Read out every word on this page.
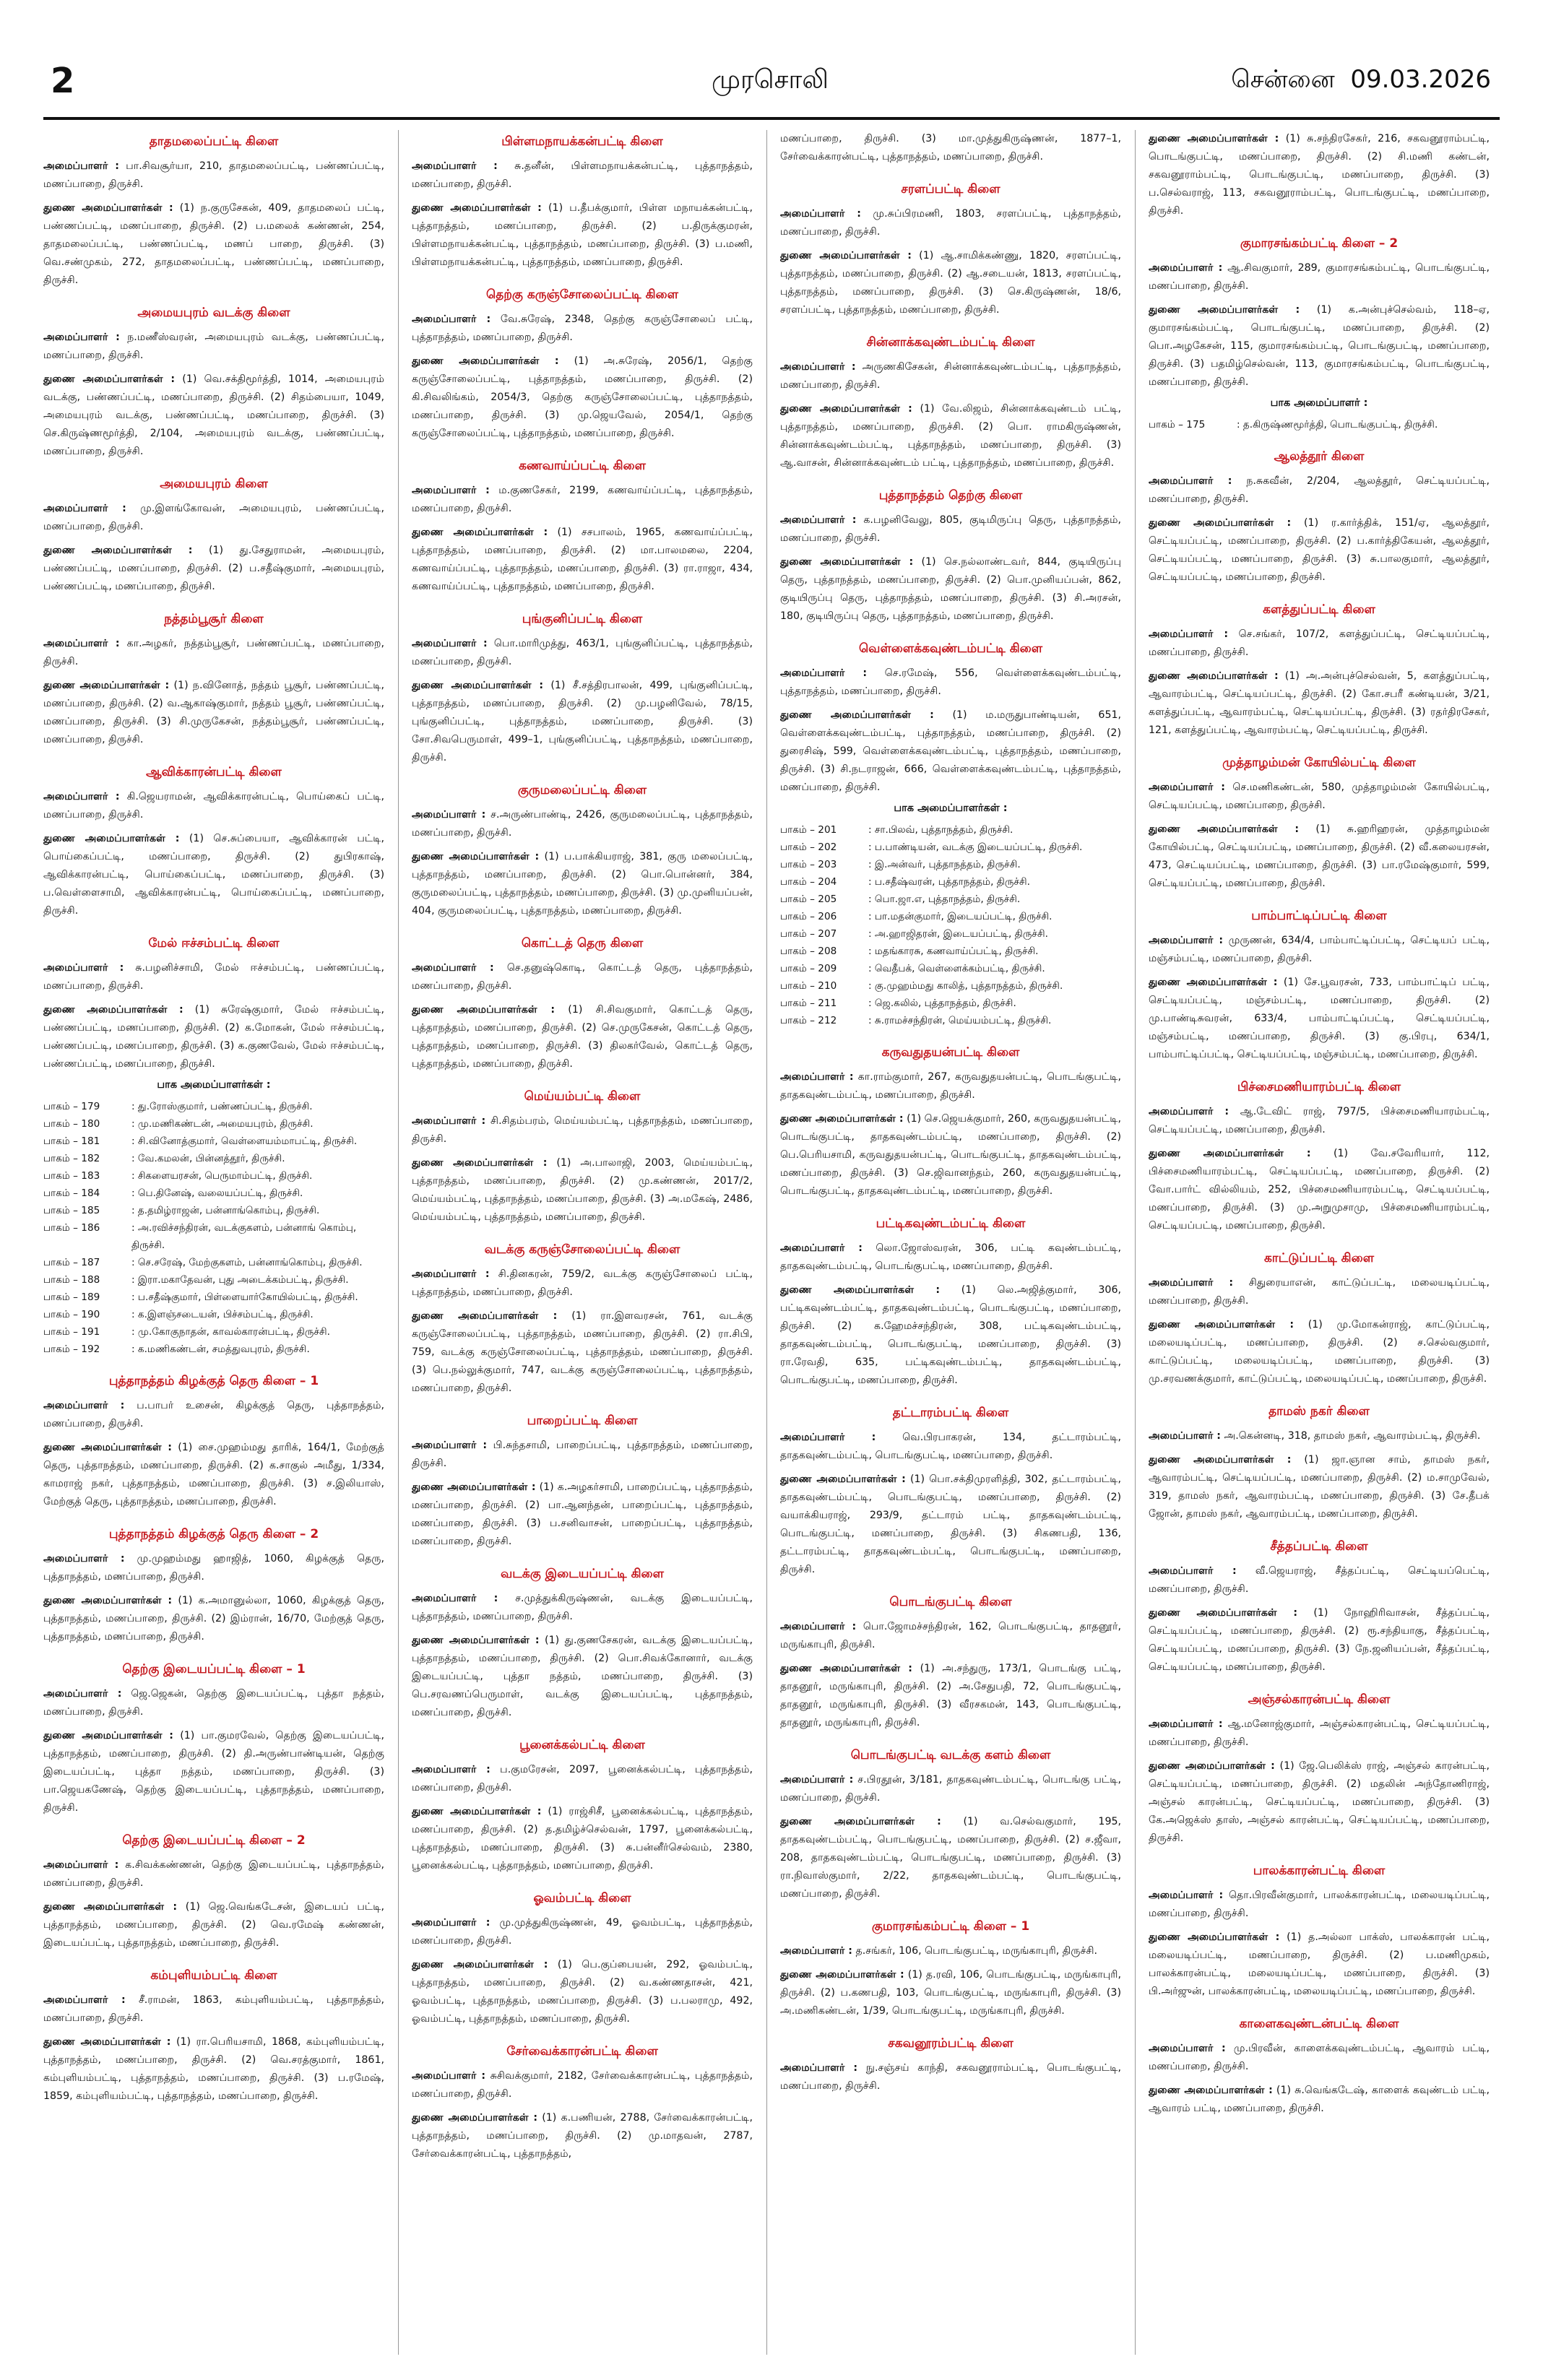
2	முரசொலி	சென்னை 09.03.2026
தாதமலைப்பட்டி கிளை

அமைப்பாளர் : பா.சிவசூர்யா, 210, தாதமலைப்பட்டி, பண்ணப்பட்டி, மணப்பாறை, திருச்சி.

துணை அமைப்பாளர்கள் : (1) ந.குருசேகன், 409, தாதமலைப் பட்டி, பண்ணப்பட்டி, மணப்பாறை, திருச்சி. (2) ப.மலைக் கண்ணன், 254, தாதமலைப்பட்டி, பண்ணப்பட்டி, மணப் பாறை, திருச்சி. (3) வெ.சண்முகம், 272, தாதமலைப்பட்டி, பண்ணப்பட்டி, மணப்பாறை, திருச்சி.

அமையபுரம் வடக்கு கிளை

அமைப்பாளர் : ந.மணீஸ்வரன், அமையபுரம் வடக்கு, பண்ணப்பட்டி, மணப்பாறை, திருச்சி.

துணை அமைப்பாளர்கள் : (1) வெ.சக்திமூர்த்தி, 1014, அமையபுரம் வடக்கு, பண்ணப்பட்டி, மணப்பாறை, திருச்சி. (2) சிதம்பையா, 1049, அமையபுரம் வடக்கு, பண்ணப்பட்டி, மணப்பாறை, திருச்சி. (3) செ.கிருஷ்ணமூர்த்தி, 2/104, அமையபுரம் வடக்கு, பண்ணப்பட்டி, மணப்பாறை, திருச்சி.

அமையபுரம் கிளை

அமைப்பாளர் : மு.இளங்கோவன், அமையபுரம், பண்ணப்பட்டி, மணப்பாறை, திருச்சி.

துணை அமைப்பாளர்கள் : (1) து.சேதுராமன், அமையபுரம், பண்ணப்பட்டி, மணப்பாறை, திருச்சி. (2) ப.சதீஷ்குமார், அமையபுரம், பண்ணப்பட்டி, மணப்பாறை, திருச்சி.

நத்தம்பூசூர் கிளை

அமைப்பாளர் : கா.அழகர், நத்தம்பூசூர், பண்ணப்பட்டி, மணப்பாறை, திருச்சி.

துணை அமைப்பாளர்கள் : (1) ந.வினோத், நத்தம் பூசூர், பண்ணப்பட்டி, மணப்பாறை, திருச்சி. (2) வ.ஆகாஷ்குமார், நத்தம் பூசூர், பண்ணப்பட்டி, மணப்பாறை, திருச்சி. (3) சி.முருகேசன், நத்தம்பூசூர், பண்ணப்பட்டி, மணப்பாறை, திருச்சி.

ஆவிக்காரன்பட்டி கிளை

அமைப்பாளர் : கி.ஜெயராமன், ஆவிக்காரன்பட்டி, பொய்கைப் பட்டி, மணப்பாறை, திருச்சி.

துணை அமைப்பாளர்கள் : (1) செ.சுப்பையா, ஆவிக்காரன் பட்டி, பொய்கைப்பட்டி, மணப்பாறை, திருச்சி. (2) துபிரகாஷ், ஆவிக்காரன்பட்டி, பொய்கைப்பட்டி, மணப்பாறை, திருச்சி. (3) ப.வெள்ளைசாமி, ஆவிக்காரன்பட்டி, பொய்கைப்பட்டி, மணப்பாறை, திருச்சி.

மேல் ஈச்சம்பட்டி கிளை

அமைப்பாளர் : சு.பழனிச்சாமி, மேல் ஈச்சம்பட்டி, பண்ணப்பட்டி, மணப்பாறை, திருச்சி.

துணை அமைப்பாளர்கள் : (1) சுரேஷ்குமார், மேல் ஈச்சம்பட்டி, பண்ணப்பட்டி, மணப்பாறை, திருச்சி. (2) க.மோகன், மேல் ஈச்சம்பட்டி, பண்ணப்பட்டி, மணப்பாறை, திருச்சி. (3) க.குணவேல், மேல் ஈச்சம்பட்டி, பண்ணப்பட்டி, மணப்பாறை, திருச்சி.

பாக அமைப்பாளர்கள் :
பாகம் – 179	: து.ரோஸ்குமார், பண்ணப்பட்டி, திருச்சி.
பாகம் – 180	: மு.மணிகண்டன், அமையபுரம், திருச்சி.
பாகம் – 181	: சி.வினோத்குமார், வெள்ளையம்மாபட்டி, திருச்சி.
பாகம் – 182	: வே.கமலன், பின்னத்தூர், திருச்சி.
பாகம் – 183	: சிகளையரசன், பெருமாம்பட்டி, திருச்சி.
பாகம் – 184	: பெ.தினேஷ், வலையப்பட்டி, திருச்சி.
பாகம் – 185	: த.தமிழ்ராஜன், பன்னாங்கொம்பு, திருச்சி.
பாகம் – 186	: அ.ரவிச்சந்திரன், வடக்குகளம், பன்னாங் கொம்பு, திருச்சி.
பாகம் – 187	: செ.சரேஷ், மேற்குகளம், பன்னாங்கொம்பு, திருச்சி.
பாகம் – 188	: இரா.மகாதேவன், புது அடைக்கம்பட்டி, திருச்சி.
பாகம் – 189	: ப.சதீஷ்குமார், பிள்ளையார்கோயில்பட்டி, திருச்சி.
பாகம் – 190	: க.இளஞ்சடையன், பிச்சம்பட்டி, திருச்சி.
பாகம் – 191	: மு.கோகுநாதன், காவல்காரன்பட்டி, திருச்சி.
பாகம் – 192	: க.மணிகண்டன், சமத்துவபுரம், திருச்சி.
புத்தாநத்தம் கிழக்குத் தெரு கிளை – 1

அமைப்பாளர் : ப.பாபர் உசைன், கிழக்குத் தெரு, புத்தாநத்தம், மணப்பாறை, திருச்சி.

துணை அமைப்பாளர்கள் : (1) சை.முஹம்மது தாரிக், 164/1, மேற்குத் தெரு, புத்தாநத்தம், மணப்பாறை, திருச்சி. (2) க.சாகுல் அமீது, 1/334, காமராஜ் நகர், புத்தாநத்தம், மணப்பாறை, திருச்சி. (3) ச.இலியாஸ், மேற்குத் தெரு, புத்தாநத்தம், மணப்பாறை, திருச்சி.

புத்தாநத்தம் கிழக்குத் தெரு கிளை – 2

அமைப்பாளர் : மு.முஹம்மது ஹாஜித், 1060, கிழக்குத் தெரு, புத்தாநத்தம், மணப்பாறை, திருச்சி.

துணை அமைப்பாளர்கள் : (1) க.அமானுல்லா, 1060, கிழக்குத் தெரு, புத்தாநத்தம், மணப்பாறை, திருச்சி. (2) இம்ரான், 16/70, மேற்குத் தெரு, புத்தாநத்தம், மணப்பாறை, திருச்சி.

தெற்கு இடையப்பட்டி கிளை – 1

அமைப்பாளர் : ஜெ.ஜெகன், தெற்கு இடையப்பட்டி, புத்தா நத்தம், மணப்பாறை, திருச்சி.

துணை அமைப்பாளர்கள் : (1) பா.குமரவேல், தெற்கு இடையப்பட்டி, புத்தாநத்தம், மணப்பாறை, திருச்சி. (2) தி.அருண்பாண்டியன், தெற்கு இடையப்பட்டி, புத்தா நத்தம், மணப்பாறை, திருச்சி. (3) பா.ஜெயகணேஷ், தெற்கு இடையப்பட்டி, புத்தாநத்தம், மணப்பாறை, திருச்சி.

தெற்கு இடையப்பட்டி கிளை – 2

அமைப்பாளர் : க.சிவக்கண்ணன், தெற்கு இடையப்பட்டி, புத்தாநத்தம், மணப்பாறை, திருச்சி.

துணை அமைப்பாளர்கள் : (1) ஜெ.வெங்கடேசன், இடையப் பட்டி, புத்தாநத்தம், மணப்பாறை, திருச்சி. (2) வெ.ரமேஷ் கண்ணன், இடையப்பட்டி, புத்தாநத்தம், மணப்பாறை, திருச்சி.

கம்புளியம்பட்டி கிளை

அமைப்பாளர் : சீ.ராமன், 1863, கம்புளியம்பட்டி, புத்தாநத்தம், மணப்பாறை, திருச்சி.

துணை அமைப்பாளர்கள் : (1) ரா.பெரியசாமி, 1868, கம்புளியம்பட்டி, புத்தாநத்தம், மணப்பாறை, திருச்சி. (2) வெ.சரத்குமார், 1861, கம்புளியம்பட்டி, புத்தாநத்தம், மணப்பாறை, திருச்சி. (3) ப.ரமேஷ், 1859, கம்புளியம்பட்டி, புத்தாநத்தம், மணப்பாறை, திருச்சி.

பிள்ளமநாயக்கன்பட்டி கிளை

அமைப்பாளர் : சு.தனீன், பிள்ளமநாயக்கன்பட்டி, புத்தாநத்தம், மணப்பாறை, திருச்சி.

துணை அமைப்பாளர்கள் : (1) ப.தீபக்குமார், பிள்ள மநாயக்கன்பட்டி, புத்தாநத்தம், மணப்பாறை, திருச்சி. (2) ப.திருக்குமரன், பிள்ளமநாயக்கன்பட்டி, புத்தாநத்தம், மணப்பாறை, திருச்சி. (3) ப.மணி, பிள்ளமநாயக்கன்பட்டி, புத்தாநத்தம், மணப்பாறை, திருச்சி.

தெற்கு கருஞ்சோலைப்பட்டி கிளை

அமைப்பாளர் : வே.சுரேஷ், 2348, தெற்கு கருஞ்சோலைப் பட்டி, புத்தாநத்தம், மணப்பாறை, திருச்சி.

துணை அமைப்பாளர்கள் : (1) அ.சுரேஷ், 2056/1, தெற்கு கருஞ்சோலைப்பட்டி, புத்தாநத்தம், மணப்பாறை, திருச்சி. (2) கி.சிவலிங்கம், 2054/3, தெற்கு கருஞ்சோலைப்பட்டி, புத்தாநத்தம், மணப்பாறை, திருச்சி. (3) மு.ஜெயவேல், 2054/1, தெற்கு கருஞ்சோலைப்பட்டி, புத்தாநத்தம், மணப்பாறை, திருச்சி.

கணவாய்ப்பட்டி கிளை

அமைப்பாளர் : ம.குணசேகர், 2199, கணவாய்ப்பட்டி, புத்தாநத்தம், மணப்பாறை, திருச்சி.

துணை அமைப்பாளர்கள் : (1) சசபாலம், 1965, கணவாய்ப்பட்டி, புத்தாநத்தம், மணப்பாறை, திருச்சி. (2) மா.பாலமலை, 2204, கணவாய்ப்பட்டி, புத்தாநத்தம், மணப்பாறை, திருச்சி. (3) ரா.ராஜா, 434, கணவாய்ப்பட்டி, புத்தாநத்தம், மணப்பாறை, திருச்சி.

புங்குனிப்பட்டி கிளை

அமைப்பாளர் : பொ.மாரிமுத்து, 463/1, புங்குனிப்பட்டி, புத்தாநத்தம், மணப்பாறை, திருச்சி.

துணை அமைப்பாளர்கள் : (1) சீ.சத்திரபாலன், 499, புங்குனிப்பட்டி, புத்தாநத்தம், மணப்பாறை, திருச்சி. (2) மு.பழனிவேல், 78/15, புங்குனிப்பட்டி, புத்தாநத்தம், மணப்பாறை, திருச்சி. (3) சோ.சிவபெருமாள், 499–1, புங்குனிப்பட்டி, புத்தாநத்தம், மணப்பாறை, திருச்சி.

குருமலைப்பட்டி கிளை

அமைப்பாளர் : ச.அருண்பாண்டி, 2426, குருமலைப்பட்டி, புத்தாநத்தம், மணப்பாறை, திருச்சி.

துணை அமைப்பாளர்கள் : (1) ப.பாக்கியராஜ், 381, குரு மலைப்பட்டி, புத்தாநத்தம், மணப்பாறை, திருச்சி. (2) பொ.பொன்னர், 384, குருமலைப்பட்டி, புத்தாநத்தம், மணப்பாறை, திருச்சி. (3) மு.முனியப்பன், 404, குருமலைப்பட்டி, புத்தாநத்தம், மணப்பாறை, திருச்சி.

கொட்டத் தெரு கிளை

அமைப்பாளர் : செ.தனுஷ்கொடி, கொட்டத் தெரு, புத்தாநத்தம், மணப்பாறை, திருச்சி.

துணை அமைப்பாளர்கள் : (1) சி.சிவகுமார், கொட்டத் தெரு, புத்தாநத்தம், மணப்பாறை, திருச்சி. (2) செ.முருகேசன், கொட்டத் தெரு, புத்தாநத்தம், மணப்பாறை, திருச்சி. (3) திலகர்வேல், கொட்டத் தெரு, புத்தாநத்தம், மணப்பாறை, திருச்சி.

மெய்யம்பட்டி கிளை

அமைப்பாளர் : சி.சிதம்பரம், மெய்யம்பட்டி, புத்தாநத்தம், மணப்பாறை, திருச்சி.

துணை அமைப்பாளர்கள் : (1) அ.பாலாஜி, 2003, மெய்யம்பட்டி, புத்தாநத்தம், மணப்பாறை, திருச்சி. (2) மு.கண்ணன், 2017/2, மெய்யம்பட்டி, புத்தாநத்தம், மணப்பாறை, திருச்சி. (3) அ.மகேஷ், 2486, மெய்யம்பட்டி, புத்தாநத்தம், மணப்பாறை, திருச்சி.

வடக்கு கருஞ்சோலைப்பட்டி கிளை

அமைப்பாளர் : சி.தினகரன், 759/2, வடக்கு கருஞ்சோலைப் பட்டி, புத்தாநத்தம், மணப்பாறை, திருச்சி.

துணை அமைப்பாளர்கள் : (1) ரா.இளவரசன், 761, வடக்கு கருஞ்சோலைப்பட்டி, புத்தாநத்தம், மணப்பாறை, திருச்சி. (2) ரா.சிபி, 759, வடக்கு கருஞ்சோலைப்பட்டி, புத்தாநத்தம், மணப்பாறை, திருச்சி. (3) பெ.நல்லுக்குமார், 747, வடக்கு கருஞ்சோலைப்பட்டி, புத்தாநத்தம், மணப்பாறை, திருச்சி.

பாறைப்பட்டி கிளை

அமைப்பாளர் : பி.சுந்தசாமி, பாறைப்பட்டி, புத்தாநத்தம், மணப்பாறை, திருச்சி.

துணை அமைப்பாளர்கள் : (1) க.அழகர்சாமி, பாறைப்பட்டி, புத்தாநத்தம், மணப்பாறை, திருச்சி. (2) பா.ஆனந்தன், பாறைப்பட்டி, புத்தாநத்தம், மணப்பாறை, திருச்சி. (3) ப.சனிவாசன், பாறைப்பட்டி, புத்தாநத்தம், மணப்பாறை, திருச்சி.

வடக்கு இடையப்பட்டி கிளை

அமைப்பாளர் : ச.முத்துக்கிருஷ்ணன், வடக்கு இடையப்பட்டி, புத்தாநத்தம், மணப்பாறை, திருச்சி.

துணை அமைப்பாளர்கள் : (1) து.குணசேகரன், வடக்கு இடையப்பட்டி, புத்தாநத்தம், மணப்பாறை, திருச்சி. (2) பொ.சிவக்கோனார், வடக்கு இடையப்பட்டி, புத்தா நத்தம், மணப்பாறை, திருச்சி. (3) பெ.சரவணப்பெருமாள், வடக்கு இடையப்பட்டி, புத்தாநத்தம், மணப்பாறை, திருச்சி.

பூனைக்கல்பட்டி கிளை

அமைப்பாளர் : ப.குமரேசன், 2097, பூனைக்கல்பட்டி, புத்தாநத்தம், மணப்பாறை, திருச்சி.

துணை அமைப்பாளர்கள் : (1) ராஜ்சிசீ, பூனைக்கல்பட்டி, புத்தாநத்தம், மணப்பாறை, திருச்சி. (2) த.தமிழ்ச்செல்வன், 1797, பூனைக்கல்பட்டி, புத்தாநத்தம், மணப்பாறை, திருச்சி. (3) சு.பன்னீர்செல்வம், 2380, பூனைக்கல்பட்டி, புத்தாநத்தம், மணப்பாறை, திருச்சி.

ஓவம்பட்டி கிளை

அமைப்பாளர் : மு.முத்துகிருஷ்ணன், 49, ஓவம்பட்டி, புத்தாநத்தம், மணப்பாறை, திருச்சி.

துணை அமைப்பாளர்கள் : (1) பெ.குப்பையன், 292, ஓவம்பட்டி, புத்தாநத்தம், மணப்பாறை, திருச்சி. (2) வ.கண்ணதாசன், 421, ஓவம்பட்டி, புத்தாநத்தம், மணப்பாறை, திருச்சி. (3) ப.பலராமு, 492, ஓவம்பட்டி, புத்தாநத்தம், மணப்பாறை, திருச்சி.

சேர்வைக்காரன்பட்டி கிளை

அமைப்பாளர் : சுசிவக்குமார், 2182, சேர்வைக்காரன்பட்டி, புத்தாநத்தம், மணப்பாறை, திருச்சி.

துணை அமைப்பாளர்கள் : (1) க.பணியன், 2788, சேர்வைக்காரன்பட்டி, புத்தாநத்தம், மணப்பாறை, திருச்சி. (2) மு.மாதவன், 2787, சேர்வைக்காரன்பட்டி, புத்தாநத்தம்,

மணப்பாறை, திருச்சி. (3) மா.முத்துகிருஷ்ணன், 1877–1, சேர்வைக்காரன்பட்டி, புத்தாநத்தம், மணப்பாறை, திருச்சி.

சரளப்பட்டி கிளை

அமைப்பாளர் : மு.சுப்பிரமணி, 1803, சரளப்பட்டி, புத்தாநத்தம், மணப்பாறை, திருச்சி.

துணை அமைப்பாளர்கள் : (1) ஆ.சாமிக்கண்ணு, 1820, சரளப்பட்டி, புத்தாநத்தம், மணப்பாறை, திருச்சி. (2) ஆ.சடையன், 1813, சரளப்பட்டி, புத்தாநத்தம், மணப்பாறை, திருச்சி. (3) செ.கிருஷ்ணன், 18/6, சரளப்பட்டி, புத்தாநத்தம், மணப்பாறை, திருச்சி.

சின்னாக்கவுண்டம்பட்டி கிளை

அமைப்பாளர் : அருணகிசேகன், சின்னாக்கவுண்டம்பட்டி, புத்தாநத்தம், மணப்பாறை, திருச்சி.

துணை அமைப்பாளர்கள் : (1) வே.லிஜம், சின்னாக்கவுண்டம் பட்டி, புத்தாநத்தம், மணப்பாறை, திருச்சி. (2) பொ. ராமகிருஷ்ணன், சின்னாக்கவுண்டம்பட்டி, புத்தாநத்தம், மணப்பாறை, திருச்சி. (3) ஆ.வாசன், சின்னாக்கவுண்டம் பட்டி, புத்தாநத்தம், மணப்பாறை, திருச்சி.

புத்தாநத்தம் தெற்கு கிளை

அமைப்பாளர் : க.பழனிவேலு, 805, குடிமிருப்பு தெரு, புத்தாநத்தம், மணப்பாறை, திருச்சி.

துணை அமைப்பாளர்கள் : (1) செ.நல்லாண்டவர், 844, குடியிருப்பு தெரு, புத்தாநத்தம், மணப்பாறை, திருச்சி. (2) பொ.முனியப்பன், 862, குடியிருப்பு தெரு, புத்தாநத்தம், மணப்பாறை, திருச்சி. (3) சி.அரசன், 180, குடியிருப்பு தெரு, புத்தாநத்தம், மணப்பாறை, திருச்சி.

வெள்ளைக்கவுண்டம்பட்டி கிளை

அமைப்பாளர் : செ.ரமேஷ், 556, வெள்ளைக்கவுண்டம்பட்டி, புத்தாநத்தம், மணப்பாறை, திருச்சி.

துணை அமைப்பாளர்கள் : (1) ம.மருதுபாண்டியன், 651, வெள்ளைக்கவுண்டம்பட்டி, புத்தாநத்தம், மணப்பாறை, திருச்சி. (2) துரைசிஷ், 599, வெள்ளைக்கவுண்டம்பட்டி, புத்தாநத்தம், மணப்பாறை, திருச்சி. (3) சி.நடராஜன், 666, வெள்ளைக்கவுண்டம்பட்டி, புத்தாநத்தம், மணப்பாறை, திருச்சி.

பாக அமைப்பாளர்கள் :
பாகம் – 201	: சா.பிலவ், புத்தாநத்தம், திருச்சி.
பாகம் – 202	: ப.பாண்டியன், வடக்கு இடையப்பட்டி, திருச்சி.
பாகம் – 203	: இ.அன்வர், புத்தாநத்தம், திருச்சி.
பாகம் – 204	: ப.சதீஷ்வரன், புத்தாநத்தம், திருச்சி.
பாகம் – 205	: பொ.ஜா.எ, புத்தாநத்தம், திருச்சி.
பாகம் – 206	: பா.மதன்குமார், இடையப்பட்டி, திருச்சி.
பாகம் – 207	: அ.ஹாஜிதரன், இடையப்பட்டி, திருச்சி.
பாகம் – 208	: மதங்காரசு, கணவாய்ப்பட்டி, திருச்சி.
பாகம் – 209	: வெதீபக், வெள்ளைக்கம்பட்டி, திருச்சி.
பாகம் – 210	: கு.முஹம்மது காலித், புத்தாநத்தம், திருச்சி.
பாகம் – 211	: ஜெ.கலில், புத்தாநத்தம், திருச்சி.
பாகம் – 212	: சு.ராமச்சந்திரன், மெய்யம்பட்டி, திருச்சி.
கருவதுதயன்பட்டி கிளை

அமைப்பாளர் : கா.ராம்குமார், 267, கருவதுதயன்பட்டி, பொடங்குபட்டி, தாதகவுண்டம்பட்டி, மணப்பாறை, திருச்சி.

துணை அமைப்பாளர்கள் : (1) செ.ஜெயக்குமார், 260, கருவதுதயன்பட்டி, பொடங்குபட்டி, தாதகவுண்டம்பட்டி, மணப்பாறை, திருச்சி. (2) பெ.பெரியசாமி, கருவதுதயன்பட்டி, பொடங்குபட்டி, தாதகவுண்டம்பட்டி, மணப்பாறை, திருச்சி. (3) செ.ஜிவானந்தம், 260, கருவதுதயன்பட்டி, பொடங்குபட்டி, தாதகவுண்டம்பட்டி, மணப்பாறை, திருச்சி.

பட்டிகவுண்டம்பட்டி கிளை

அமைப்பாளர் : லொ.ஜோஸ்வரன், 306, பட்டி கவுண்டம்பட்டி, தாதகவுண்டம்பட்டி, பொடங்குபட்டி, மணப்பாறை, திருச்சி.

துணை அமைப்பாளர்கள் : (1) லெ.அஜித்குமார், 306, பட்டிகவுண்டம்பட்டி, தாதகவுண்டம்பட்டி, பொடங்குபட்டி, மணப்பாறை, திருச்சி. (2) க.ஹேமச்சந்திரன், 308, பட்டிகவுண்டம்பட்டி, தாதகவுண்டம்பட்டி, பொடங்குபட்டி, மணப்பாறை, திருச்சி. (3) ரா.ரேவதி, 635, பட்டிகவுண்டம்பட்டி, தாதகவுண்டம்பட்டி, பொடங்குபட்டி, மணப்பாறை, திருச்சி.

தட்டாரம்பட்டி கிளை

அமைப்பாளர் :	வெ.பிரபாகரன், 134, தட்டாரம்பட்டி, தாதகவுண்டம்பட்டி, பொடங்குபட்டி, மணப்பாறை, திருச்சி.

துணை அமைப்பாளர்கள் : (1) பொ.சக்திமுரளித்தி, 302, தட்டாரம்பட்டி, தாதகவுண்டம்பட்டி, பொடங்குபட்டி, மணப்பாறை, திருச்சி. (2) வயாக்கியராஜ், 293/9, தட்டாரம் பட்டி, தாதகவுண்டம்பட்டி, பொடங்குபட்டி, மணப்பாறை, திருச்சி. (3) சிகணபதி, 136, தட்டாரம்பட்டி, தாதகவுண்டம்பட்டி, பொடங்குபட்டி, மணப்பாறை, திருச்சி.

பொடங்குபட்டி கிளை

அமைப்பாளர் : பொ.ஜோமச்சந்திரன், 162, பொடங்குபட்டி, தாதனூர், மருங்காபுரி, திருச்சி.

துணை அமைப்பாளர்கள் : (1) அ.சந்துரு, 173/1, பொடங்கு பட்டி, தாதனூர், மருங்காபுரி, திருச்சி. (2) அ.சேதுபதி, 72, பொடங்குபட்டி, தாதனூர், மருங்காபுரி, திருச்சி. (3) வீரசகமன், 143, பொடங்குபட்டி, தாதனூர், மருங்காபுரி, திருச்சி.

பொடங்குபட்டி வடக்கு களம் கிளை

அமைப்பாளர் : ச.பிரதூன், 3/181, தாதகவுண்டம்பட்டி, பொடங்கு பட்டி, மணப்பாறை, திருச்சி.

துணை அமைப்பாளர்கள் : (1) வ.செல்வகுமார், 195, தாதகவுண்டம்பட்டி, பொடங்குபட்டி, மணப்பாறை, திருச்சி. (2) ச.ஜீவா, 208, தாதகவுண்டம்பட்டி, பொடங்குபட்டி, மணப்பாறை, திருச்சி. (3) ரா.நிவாஸ்குமார், 2/22, தாதகவுண்டம்பட்டி, பொடங்குபட்டி, மணப்பாறை, திருச்சி.

குமாரசங்கம்பட்டி கிளை – 1

அமைப்பாளர் : த.சங்கர், 106, பொடங்குபட்டி, மருங்காபுரி, திருச்சி.

துணை அமைப்பாளர்கள் : (1) த.ரவி, 106, பொடங்குபட்டி, மருங்காபுரி, திருச்சி. (2) ப.கணபதி, 103, பொடங்குபட்டி, மருங்காபுரி, திருச்சி. (3) அ.மணிகண்டன், 1/39, பொடங்குபட்டி, மருங்காபுரி, திருச்சி.

சகவனூரம்பட்டி கிளை

அமைப்பாளர் : நு.சஞ்சய் காந்தி, சகவனூராம்பட்டி, பொடங்குபட்டி, மணப்பாறை, திருச்சி.

துணை அமைப்பாளர்கள் : (1) சு.சந்திரசேகர், 216, சகவனூராம்பட்டி, பொடங்குபட்டி, மணப்பாறை, திருச்சி. (2) சி.மணி கண்டன், சகவனூராம்பட்டி, பொடங்குபட்டி, மணப்பாறை, திருச்சி. (3) ப.செல்வராஜ், 113, சகவனூராம்பட்டி, பொடங்குபட்டி, மணப்பாறை, திருச்சி.

குமாரசங்கம்பட்டி கிளை – 2

அமைப்பாளர் : ஆ.சிவகுமார், 289, குமாரசங்கம்பட்டி, பொடங்குபட்டி, மணப்பாறை, திருச்சி.

துணை அமைப்பாளர்கள் : (1) க.அன்புச்செல்வம், 118–ஏ, குமாரசங்கம்பட்டி, பொடங்குபட்டி, மணப்பாறை, திருச்சி. (2) பொ.அழகேசன், 115, குமாரசங்கம்பட்டி, பொடங்குபட்டி, மணப்பாறை, திருச்சி. (3) பதமிழ்செல்வன், 113, குமாரசங்கம்பட்டி, பொடங்குபட்டி, மணப்பாறை, திருச்சி.

பாக அமைப்பாளர் :
பாகம் – 175	: த.கிருஷ்ணமூர்த்தி, பொடங்குபட்டி, திருச்சி.
ஆலத்தூர் கிளை

அமைப்பாளர் : ந.சுகவீன், 2/204, ஆலத்தூர், செட்டியப்பட்டி, மணப்பாறை, திருச்சி.

துணை அமைப்பாளர்கள் : (1) ர.கார்த்திக், 151/ஏ, ஆலத்தூர், செட்டியப்பட்டி, மணப்பாறை, திருச்சி. (2) ப.கார்த்திகேயன், ஆலத்தூர், செட்டியப்பட்டி, மணப்பாறை, திருச்சி. (3) சு.பாலகுமார், ஆலத்தூர், செட்டியப்பட்டி, மணப்பாறை, திருச்சி.

களத்துப்பட்டி கிளை

அமைப்பாளர் : செ.சங்கர், 107/2, களத்துப்பட்டி, செட்டியப்பட்டி, மணப்பாறை, திருச்சி.

துணை அமைப்பாளர்கள் : (1) அ.அன்புச்செல்வன், 5, களத்துப்பட்டி, ஆவாரம்பட்டி, செட்டியப்பட்டி, திருச்சி. (2) கோ.சபரீ கண்டியன், 3/21, களத்துப்பட்டி, ஆவாரம்பட்டி, செட்டியப்பட்டி, திருச்சி. (3) ரதர்திரசேகர், 121, களத்துப்பட்டி, ஆவாரம்பட்டி, செட்டியப்பட்டி, திருச்சி.

முத்தாழம்மன் கோயில்பட்டி கிளை

அமைப்பாளர் : செ.மணிகண்டன், 580, முத்தாழம்மன் கோயில்பட்டி, செட்டியப்பட்டி, மணப்பாறை, திருச்சி.

துணை அமைப்பாளர்கள் : (1) சு.ஹரிஹரன், முத்தாழம்மன் கோயில்பட்டி, செட்டியப்பட்டி, மணப்பாறை, திருச்சி. (2) வீ.கலையரசன், 473, செட்டியப்பட்டி, மணப்பாறை, திருச்சி. (3) பா.ரமேஷ்குமார், 599, செட்டியப்பட்டி, மணப்பாறை, திருச்சி.

பாம்பாட்டிப்பட்டி கிளை

அமைப்பாளர் : முருணன், 634/4, பாம்பாட்டிப்பட்டி, செட்டியப் பட்டி, மஞ்சம்பட்டி, மணப்பாறை, திருச்சி.

துணை அமைப்பாளர்கள் : (1) சே.பூவரசன், 733, பாம்பாட்டிப் பட்டி, செட்டியப்பட்டி, மஞ்சம்பட்டி, மணப்பாறை, திருச்சி. (2) மு.பாண்டிசுவரன், 633/4, பாம்பாட்டிப்பட்டி, செட்டியப்பட்டி, மஞ்சம்பட்டி, மணப்பாறை, திருச்சி. (3) கு.பிரபு, 634/1, பாம்பாட்டிப்பட்டி, செட்டியப்பட்டி, மஞ்சம்பட்டி, மணப்பாறை, திருச்சி.

பிச்சைமணியாரம்பட்டி கிளை

அமைப்பாளர் : ஆ.டேவிட் ராஜ், 797/5, பிச்சைமணியாரம்பட்டி, செட்டியப்பட்டி, மணப்பாறை, திருச்சி.

துணை அமைப்பாளர்கள் : (1) வே.சவேரியார், 112, பிச்சைமணியாரம்பட்டி, செட்டியப்பட்டி, மணப்பாறை, திருச்சி. (2) வோ.பார்ட் வில்லியம், 252, பிச்சைமணியாரம்பட்டி, செட்டியப்பட்டி, மணப்பாறை, திருச்சி. (3) மு.அறுமுசாமு, பிச்சைமணியாரம்பட்டி, செட்டியப்பட்டி, மணப்பாறை, திருச்சி.

காட்டுப்பட்டி கிளை

அமைப்பாளர் : சிதுரையாஎன், காட்டுப்பட்டி, மலையடிப்பட்டி, மணப்பாறை, திருச்சி.

துணை அமைப்பாளர்கள் : (1) மு.மோகன்ராஜ், காட்டுப்பட்டி, மலையடிப்பட்டி, மணப்பாறை, திருச்சி. (2) ச.செல்வகுமார், காட்டுப்பட்டி, மலையடிப்பட்டி, மணப்பாறை, திருச்சி. (3) மு.சரவணக்குமார், காட்டுப்பட்டி, மலையடிப்பட்டி, மணப்பாறை, திருச்சி.

தாமஸ் நகர் கிளை

அமைப்பாளர் : அ.கென்னடி, 318, தாமஸ் நகர், ஆவாரம்பட்டி, திருச்சி.

துணை அமைப்பாளர்கள் : (1) ஜா.ஞான சாம், தாமஸ் நகர், ஆவாரம்பட்டி, செட்டியப்பட்டி, மணப்பாறை, திருச்சி. (2) ம.சாமுவேல், 319, தாமஸ் நகர், ஆவாரம்பட்டி, மணப்பாறை, திருச்சி. (3) சே.தீபக் ஜோன், தாமஸ் நகர், ஆவாரம்பட்டி, மணப்பாறை, திருச்சி.

சீத்தப்பட்டி கிளை

அமைப்பாளர் : வீ.ஜெயராஜ், சீத்தப்பட்டி, செட்டியப்பெட்டி, மணப்பாறை, திருச்சி.

துணை அமைப்பாளர்கள் : (1) நோஹிரிவாசன், சீத்தப்பட்டி, செட்டியப்பட்டி, மணப்பாறை, திருச்சி. (2) ரூ.சந்தியாகு, சீத்தப்பட்டி, செட்டியப்பட்டி, மணப்பாறை, திருச்சி. (3) நே.ஜனியப்பன், சீத்தப்பட்டி, செட்டியப்பட்டி, மணப்பாறை, திருச்சி.

அஞ்சல்காரன்பட்டி கிளை

அமைப்பாளர் : ஆ.மனோஜ்குமார், அஞ்சல்காரன்பட்டி, செட்டியப்பட்டி, மணப்பாறை, திருச்சி.

துணை அமைப்பாளர்கள் : (1) ஜே.பெலிக்ஸ் ராஜ், அஞ்சல் காரன்பட்டி, செட்டியப்பட்டி, மணப்பாறை, திருச்சி. (2) மதலின் அந்தோணிராஜ், அஞ்சல் காரன்பட்டி, செட்டியப்பட்டி, மணப்பாறை, திருச்சி. (3) கே.அஜெக்ஸ் தாஸ், அஞ்சல் காரன்பட்டி, செட்டியப்பட்டி, மணப்பாறை, திருச்சி.

பாலக்காரன்பட்டி கிளை

அமைப்பாளர் : தொ.பிரவீன்குமார், பாலக்காரன்பட்டி, மலையடிப்பட்டி, மணப்பாறை, திருச்சி.

துணை அமைப்பாளர்கள் : (1) த.அல்லா பாக்ஸ், பாலக்காரன் பட்டி, மலையடிப்பட்டி, மணப்பாறை, திருச்சி. (2) ப.மணிமுகம், பாலக்காரன்பட்டி, மலையடிப்பட்டி, மணப்பாறை, திருச்சி. (3) பி.அர்ஜுன், பாலக்காரன்பட்டி, மலையடிப்பட்டி, மணப்பாறை, திருச்சி.

காளைகவுண்டன்பட்டி கிளை

அமைப்பாளர் : மு.பிரவீன், காளைக்கவுண்டம்பட்டி, ஆவாரம் பட்டி, மணப்பாறை, திருச்சி.

துணை அமைப்பாளர்கள் : (1) சு.வெங்கடேஷ், காளைக் கவுண்டம் பட்டி, ஆவாரம் பட்டி, மணப்பாறை, திருச்சி.
